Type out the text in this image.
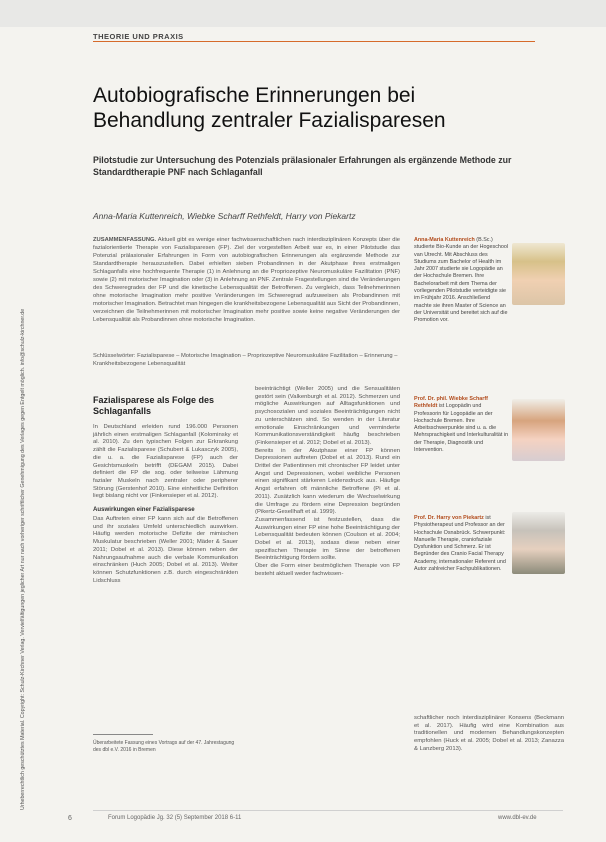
THEORIE UND PRAXIS
Urheberrechtlich geschütztes Material. Copyright: Schulz-Kirchner Verlag. Vervielfältigungen jeglicher Art nur nach vorheriger schriftlicher Genehmigung des Verlages gegen Entgelt möglich. info@schulz-kirchner.de
Autobiografische Erinnerungen bei Behandlung zentraler Fazialisparesen
Pilotstudie zur Untersuchung des Potenzials prälasionaler Erfahrungen als ergänzende Methode zur Standardtherapie PNF nach Schlaganfall
Anna-Maria Kuttenreich, Wiebke Scharff Rethfeldt, Harry von Piekartz
ZUSAMMENFASSUNG. Aktuell gibt es wenige einer fachwissenschaftlichen nach interdisziplinären Konzepts über die fazialorientierte Therapie von Fazialisparesen (FP). Ziel der vorgestellten Arbeit war es, in einer Pilotstudie das Potenzial prälasionaler Erfahrungen in Form von autobiografischen Erinnerungen als ergänzende Methode zur Standardtherapie herauszustellen. Dabei erhielten sieben Probandinnen in der Akutphase ihres erstmaligen Schlaganfalls eine hochfrequente Therapie (1) in Anlehnung an die Propriozeptive Neuromuskuläre Fazilitation (PNF) sowie (2) mit motorischer Imagination oder (3) in Anlehnung an PNF. Zentrale Fragestellungen sind die Veränderungen des Schweregrades der FP und die kinetische Lebensqualität der Betroffenen. Zu vergleich, dass Teilnehmerinnen ohne motorische Imagination mehr positive Veränderungen im Schweregrad aufzuweisen als Probandinnen mit motorischer Imagination. Betrachtet man hingegen die krankheitsbezogene Lebensqualität aus Sicht der Probandinnen, verzeichnen die Teilnehmerinnen mit motorischer Imagination mehr positive sowie keine negative Veränderungen der Lebensqualität als Probandinnen ohne motorische Imagination.
Schlüsselwörter: Fazialisparese – Motorische Imagination – Propriozeptive Neuromuskuläre Fazilitation – Erinnerung – Krankheitsbezogene Lebensqualität
Fazialisparese als Folge des Schlaganfalls

In Deutschland erleiden rund 196.000 Personen jährlich einen erstmaligen Schlaganfall (Kolominsky et al. 2010). Zu den typischen Folgen zur Erkrankung zählt die Fazialisparese (Schubert & Lukasczyk 2005), die u. a. die Fazialisparese (FP) auch der Gesichtsmuskeln betrifft (DEGAM 2015). Dabei definiert die FP die sog. oder teilweise Lähmung fazialer Muskeln nach zentraler oder peripherer Störung (Gerstenhof 2010). Eine einheitliche Definition liegt bislang nicht vor (Finkensieper et al. 2012).

Auswirkungen einer Fazialisparese

Das Auftreten einer FP kann sich auf die Betroffenen und ihr soziales Umfeld unterschiedlich auswirken. Häufig werden motorische Defizite der mimischen Muskulatur beschrieben (Weller 2001; Mäder & Sauer 2011; Dobel et al. 2013). Diese können neben der Nahrungsaufnahme auch die verbale Kommunikation einschränken (Huch 2005; Dobel et al. 2013). Weiter können Schutzfunktionen z.B. durch eingeschränkten Lidschluss

beeinträchtigt (Weller 2005) und die Sensualitäten gestört sein (Valkenburgh et al. 2012). Schmerzen und mögliche Auswirkungen auf Alltagsfunktionen und psychosozialen und soziales Beeinträchtigungen nicht zu unterschätzen sind. So wenden in der Literatur emotionale Einschränkungen und verminderte Kommunikationsverständigkeit häufig beschrieben (Finkensieper et al. 2012; Dobel et al. 2013).

Bereits in der Akutphase einer FP können Depressionen auftreten (Dobel et al. 2013). Rund ein Drittel der Patientinnen mit chronischer FP leidet unter Angst und Depressionen, wobei weibliche Personen einen signifikant stärkeren Leidensdruck aus. Häufige Angst erfahren oft männliche Betroffene (Pi et al. 2011). Zusätzlich kann wiederum die Wechselwirkung die Umfrage zu fördern eine Depression begründen (Pikertz-Gesellhaft et al. 1999).

Zusammenfassend ist festzustellen, dass die Auswirkungen einer FP eine hohe Beeinträchtigung der Lebensqualität bedeuten können (Coulson et al. 2004; Dobel et al. 2013), sodass diese neben einer spezifischen Therapie im Sinne der betroffenen Beeinträchtigung fördern sollte.

Über die Form einer bestmöglichen Therapie von FP besteht aktuell weder fachwissen-

Überarbeitete Fassung eines Vortrags auf der 47. Jahrestagung des dbl e.V. 2016 in Bremen
Anna-Maria Kuttenreich (B.Sc.) studierte Bio-Kunde an der Hogeschool van Utrecht. Mit Abschluss des Studiums zum Bachelor of Health im Jahr 2007 studierte sie Logopädie an der Hochschule Bremen. Ihre Bachelorarbeit mit dem Thema der vorliegenden Pilotstudie verteidigte sie im Frühjahr 2016. Anschließend machte sie ihren Master of Science an der Universität und bereitet sich auf die Promotion vor.
Prof. Dr. phil. Wiebke Scharff Rethfeldt ist Logopädin und Professorin für Logopädie an der Hochschule Bremen. Ihre Arbeitsschwerpunkte sind u. a. die Mehrsprachigkeit und Interkulturalität in der Therapie, Diagnostik und Intervention.
Prof. Dr. Harry von Piekartz ist Physiotherapeut und Professor an der Hochschule Osnabrück. Schwerpunkt: Manuelle Therapie, craniofaziale Dysfunktion und Schmerz. Er ist Begründer des Cranio Facial Therapy Academy, internationaler Referent und Autor zahlreicher Fachpublikationen.
schaftlicher noch interdisziplinärer Konsens (Beckmann et al. 2017). Häufig wird eine Kombination aus traditionellen und modernen Behandlungskonzepten empfohlen (Huck et al. 2005; Dobel et al. 2013; Zanazza & Lanzberg 2013).
6	Forum Logopädie Jg. 32 (5) September 2018 6-11	www.dbl-ev.de
